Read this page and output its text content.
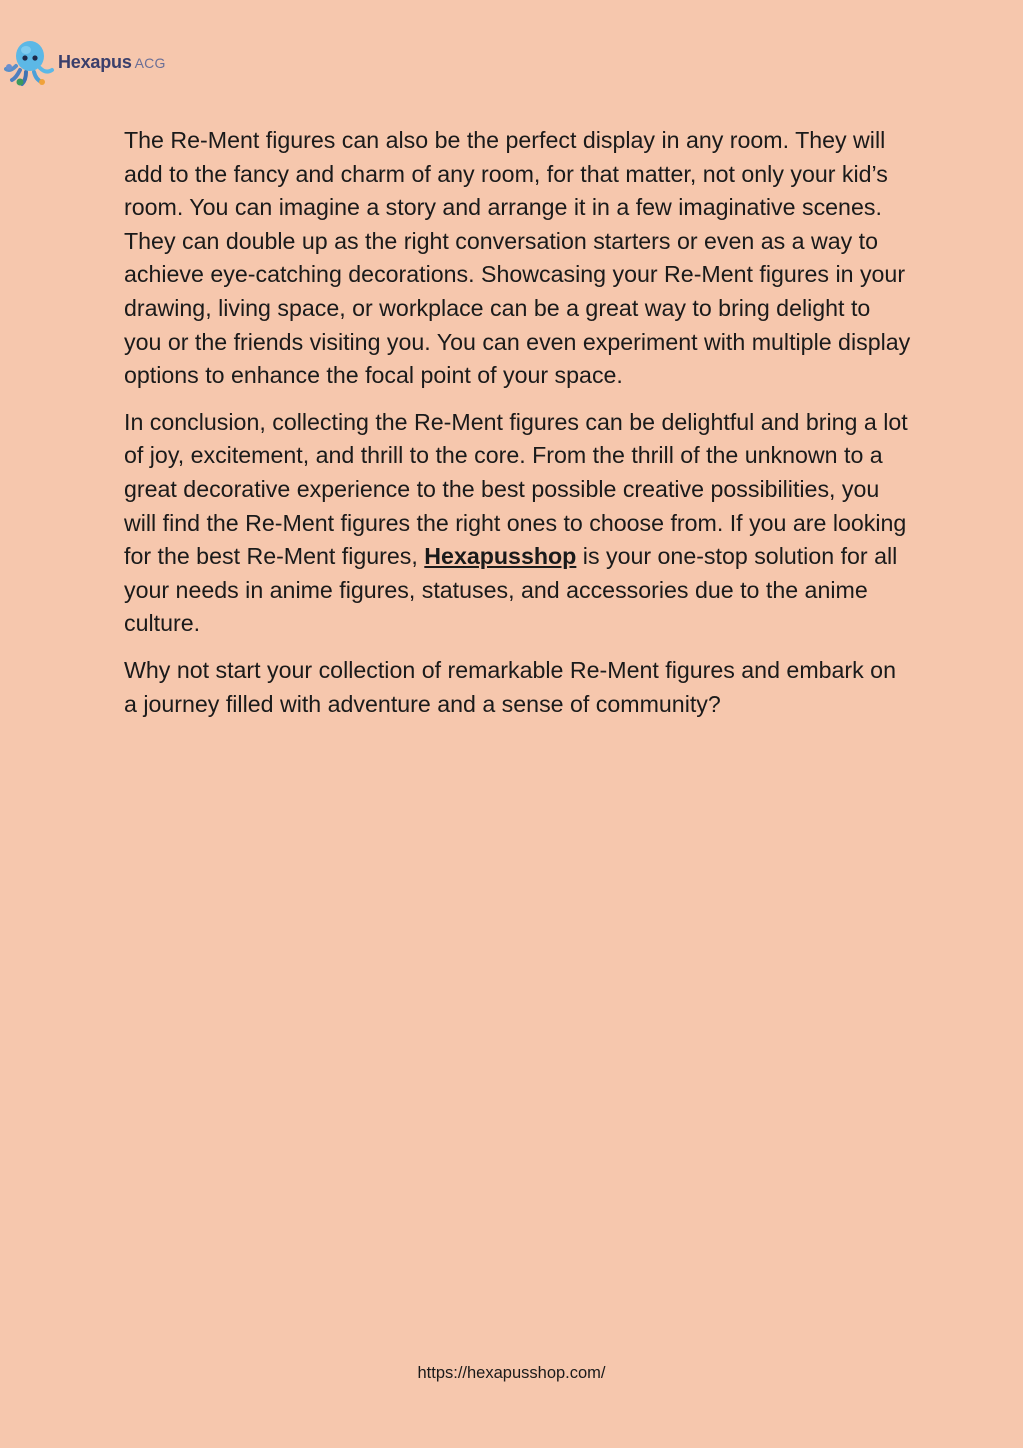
Hexapus ACG

The Re-Ment figures can also be the perfect display in any room. They will add to the fancy and charm of any room, for that matter, not only your kid’s room. You can imagine a story and arrange it in a few imaginative scenes. They can double up as the right conversation starters or even as a way to achieve eye-catching decorations. Showcasing your Re-Ment figures in your drawing, living space, or workplace can be a great way to bring delight to you or the friends visiting you. You can even experiment with multiple display options to enhance the focal point of your space.

In conclusion, collecting the Re-Ment figures can be delightful and bring a lot of joy, excitement, and thrill to the core. From the thrill of the unknown to a great decorative experience to the best possible creative possibilities, you will find the Re-Ment figures the right ones to choose from. If you are looking for the best Re-Ment figures, Hexapusshop is your one-stop solution for all your needs in anime figures, statuses, and accessories due to the anime culture.

Why not start your collection of remarkable Re-Ment figures and embark on a journey filled with adventure and a sense of community?

https://hexapusshop.com/
